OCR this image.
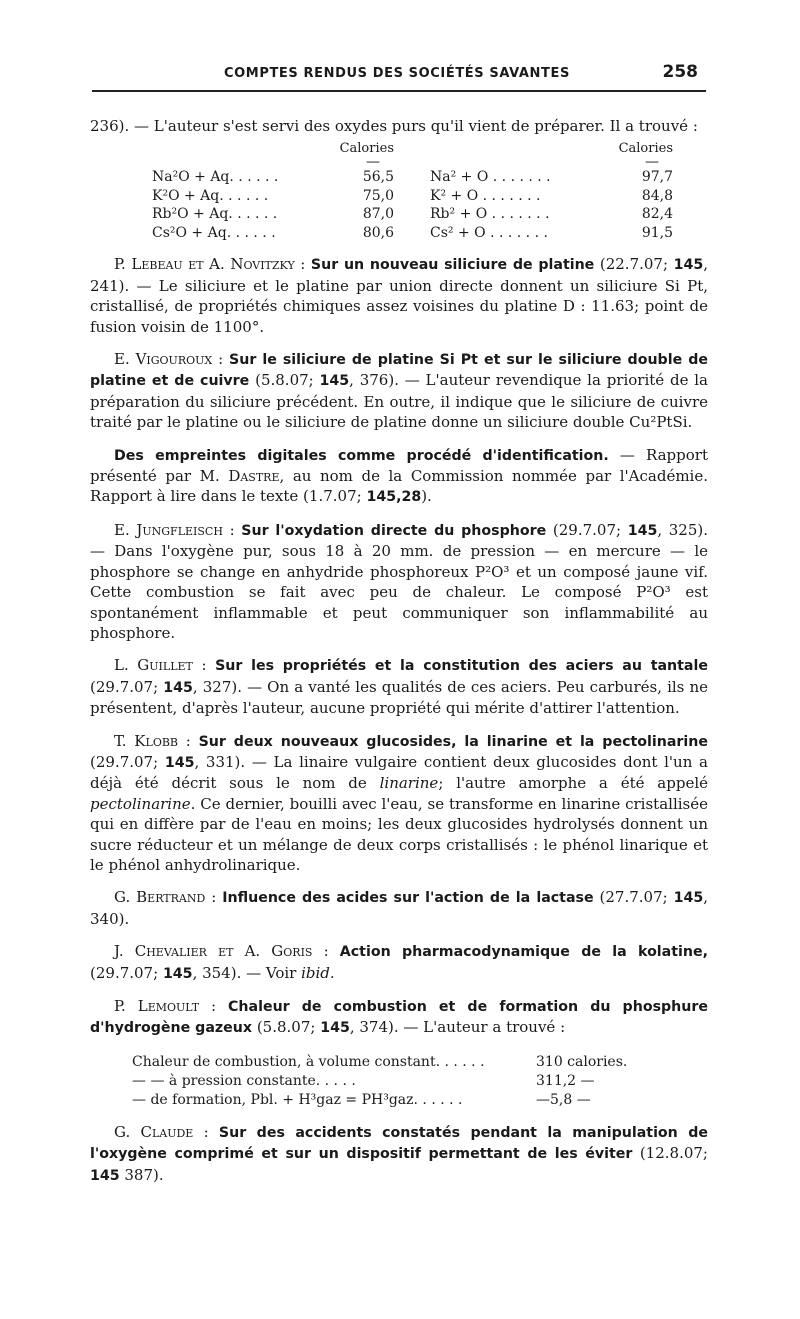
COMPTES RENDUS DES SOCIÉTÉS SAVANTES	258

236). — L'auteur s'est servi des oxydes purs qu'il vient de préparer. Il a trouvé :

Calories
—
Na²O + Aq. . . . . .	56,5
K²O + Aq. . . . . .	75,0
Rb²O + Aq. . . . . .	87,0
Cs²O + Aq. . . . . .	80,6
Calories
—
Na² + O . . . . . . .	97,7
K² + O . . . . . . .	84,8
Rb² + O . . . . . . .	82,4
Cs² + O . . . . . . .	91,5

P. Lebeau et A. Novitzky : Sur un nouveau siliciure de platine (22.7.07; 145, 241). — Le siliciure et le platine par union directe donnent un siliciure Si Pt, cristallisé, de propriétés chimiques assez voisines du platine D : 11.63; point de fusion voisin de 1100°.

E. Vigouroux : Sur le siliciure de platine Si Pt et sur le siliciure double de platine et de cuivre (5.8.07; 145, 376). — L'auteur revendique la priorité de la préparation du siliciure précédent. En outre, il indique que le siliciure de cuivre traité par le platine ou le siliciure de platine donne un siliciure double Cu²PtSi.

Des empreintes digitales comme procédé d'identification. — Rapport présenté par M. Dastre, au nom de la Commission nommée par l'Académie. Rapport à lire dans le texte (1.7.07; 145,28).

E. Jungfleisch : Sur l'oxydation directe du phosphore (29.7.07; 145, 325). — Dans l'oxygène pur, sous 18 à 20 mm. de pression — en mercure — le phosphore se change en anhydride phosphoreux P²O³ et un composé jaune vif. Cette combustion se fait avec peu de chaleur. Le composé P²O³ est spontanément inflammable et peut communiquer son inflammabilité au phosphore.

L. Guillet : Sur les propriétés et la constitution des aciers au tantale (29.7.07; 145, 327). — On a vanté les qualités de ces aciers. Peu carburés, ils ne présentent, d'après l'auteur, aucune propriété qui mérite d'attirer l'attention.

T. Klobb : Sur deux nouveaux glucosides, la linarine et la pectolinarine (29.7.07; 145, 331). — La linaire vulgaire contient deux glucosides dont l'un a déjà été décrit sous le nom de linarine; l'autre amorphe a été appelé pectolinarine. Ce dernier, bouilli avec l'eau, se transforme en linarine cristallisée qui en diffère par de l'eau en moins; les deux glucosides hydrolysés donnent un sucre réducteur et un mélange de deux corps cristallisés : le phénol linarique et le phénol anhydrolinarique.

G. Bertrand : Influence des acides sur l'action de la lactase (27.7.07; 145, 340).

J. Chevalier et A. Goris : Action pharmacodynamique de la kolatine, (29.7.07; 145, 354). — Voir ibid.

P. Lemoult : Chaleur de combustion et de formation du phosphure d'hydrogène gazeux (5.8.07; 145, 374). — L'auteur a trouvé :

Chaleur de combustion, à volume constant. . . . . .	310 calories.
— — à pression constante. . . . .	311,2 —
— de formation, Pbl. + H³gaz = PH³gaz. . . . . .	—5,8 —

G. Claude : Sur des accidents constatés pendant la manipulation de l'oxygène comprimé et sur un dispositif permettant de les éviter (12.8.07; 145 387).
